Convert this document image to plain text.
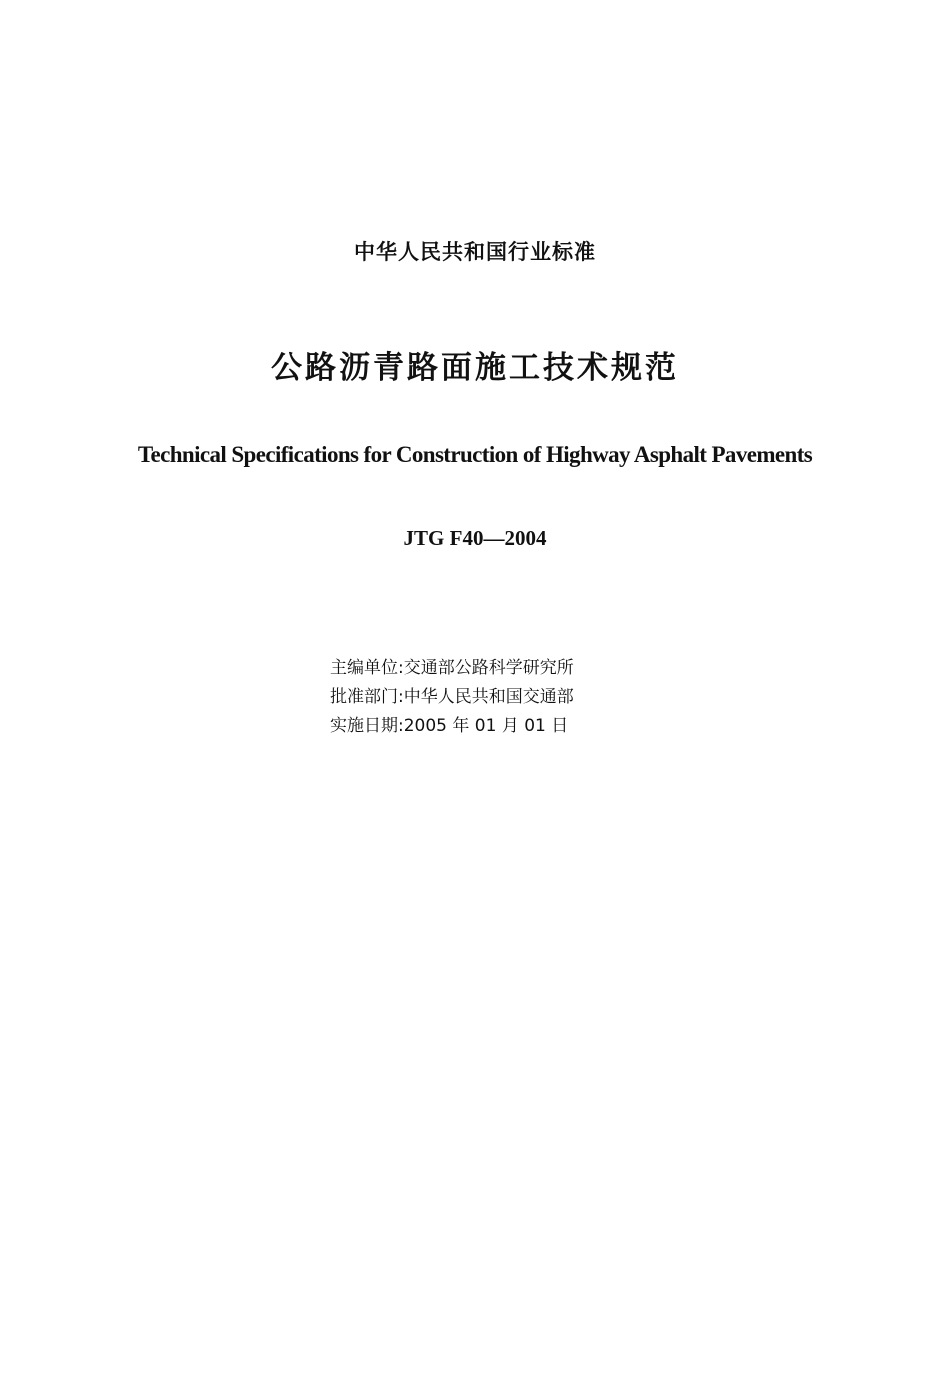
中华人民共和国行业标准
公路沥青路面施工技术规范
Technical Specifications for Construction of Highway Asphalt Pavements
JTG F40—2004
主编单位:交通部公路科学研究所
批准部门:中华人民共和国交通部
实施日期:2005 年 01 月 01 日
